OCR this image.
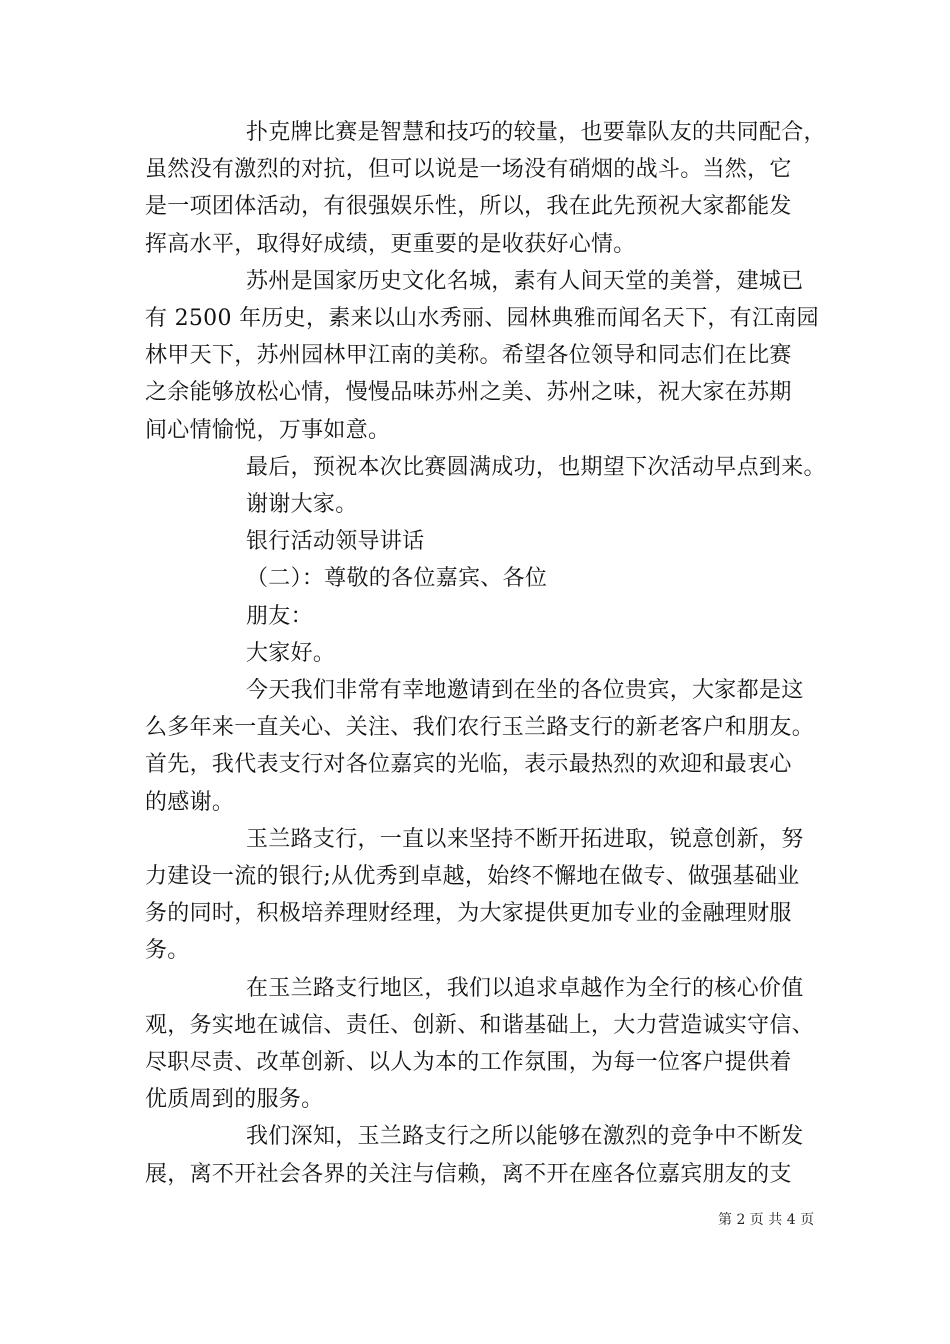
扑克牌比赛是智慧和技巧的较量，也要靠队友的共同配合，
虽然没有激烈的对抗，但可以说是一场没有硝烟的战斗。当然，它
是一项团体活动，有很强娱乐性，所以，我在此先预祝大家都能发
挥高水平，取得好成绩，更重要的是收获好心情。
苏州是国家历史文化名城，素有人间天堂的美誉，建城已
有 2500 年历史，素来以山水秀丽、园林典雅而闻名天下，有江南园
林甲天下，苏州园林甲江南的美称。希望各位领导和同志们在比赛
之余能够放松心情，慢慢品味苏州之美、苏州之味，祝大家在苏期
间心情愉悦，万事如意。
最后，预祝本次比赛圆满成功，也期望下次活动早点到来。
谢谢大家。
银行活动领导讲话
（二）：尊敬的各位嘉宾、各位
朋友：
大家好。
今天我们非常有幸地邀请到在坐的各位贵宾，大家都是这
么多年来一直关心、关注、我们农行玉兰路支行的新老客户和朋友。
首先，我代表支行对各位嘉宾的光临，表示最热烈的欢迎和最衷心
的感谢。
玉兰路支行，一直以来坚持不断开拓进取，锐意创新，努
力建设一流的银行;从优秀到卓越，始终不懈地在做专、做强基础业
务的同时，积极培养理财经理，为大家提供更加专业的金融理财服
务。
在玉兰路支行地区，我们以追求卓越作为全行的核心价值
观，务实地在诚信、责任、创新、和谐基础上，大力营造诚实守信、
尽职尽责、改革创新、以人为本的工作氛围，为每一位客户提供着
优质周到的服务。
我们深知，玉兰路支行之所以能够在激烈的竞争中不断发
展，离不开社会各界的关注与信赖，离不开在座各位嘉宾朋友的支
第 2 页 共 4 页
